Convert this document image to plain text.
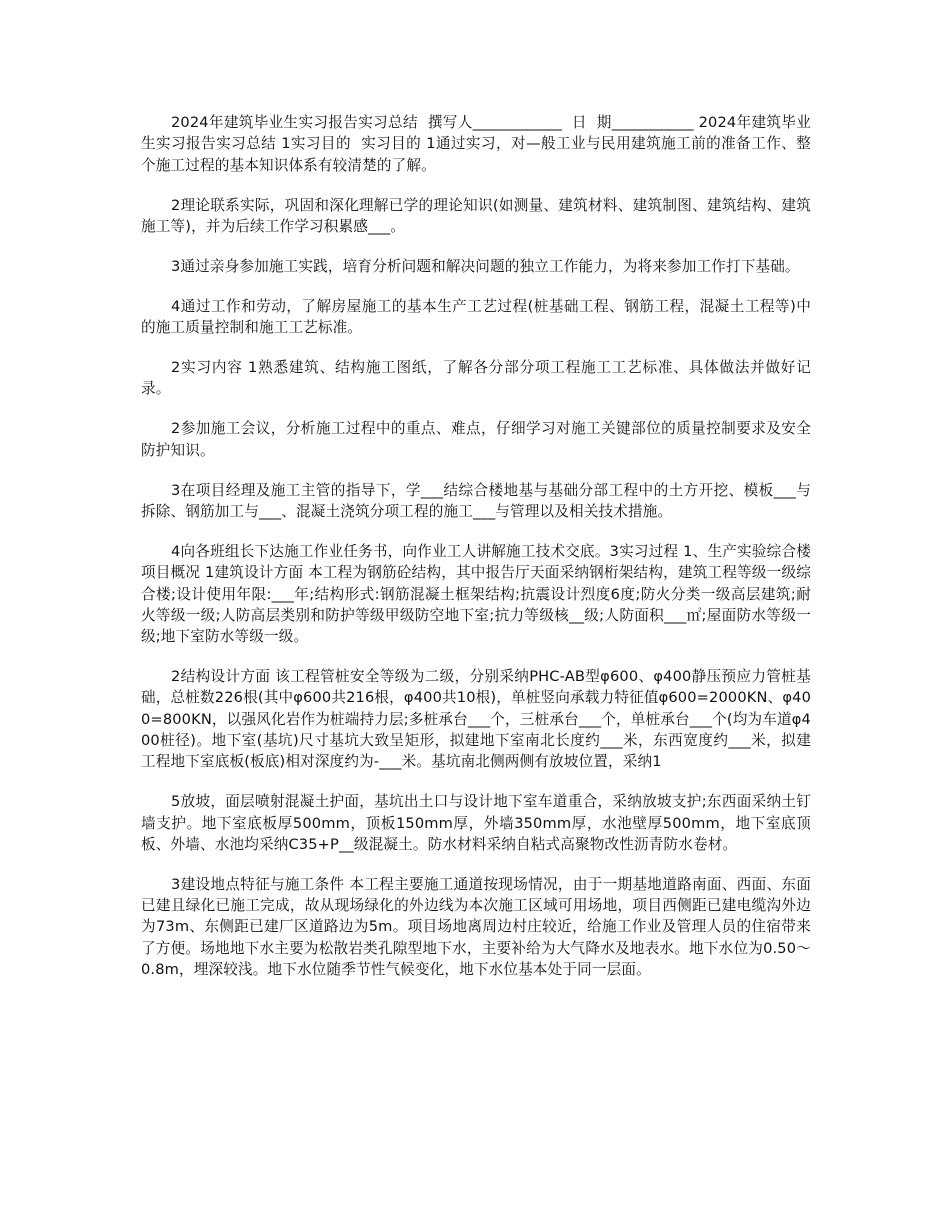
2024年建筑毕业生实习报告实习总结  撰写人____________  日  期___________ 2024年建筑毕业生实习报告实习总结 1实习目的  实习目的 1通过实习，对—般工业与民用建筑施工前的准备工作、整个施工过程的基本知识体系有较清楚的了解。

2理论联系实际，巩固和深化理解已学的理论知识(如测量、建筑材料、建筑制图、建筑结构、建筑施工等)，并为后续工作学习积累感___。

3通过亲身参加施工实践，培育分析问题和解决问题的独立工作能力，为将来参加工作打下基础。

4通过工作和劳动，了解房屋施工的基本生产工艺过程(桩基础工程、钢筋工程，混凝土工程等)中的施工质量控制和施工工艺标准。

2实习内容 1熟悉建筑、结构施工图纸，了解各分部分项工程施工工艺标准、具体做法并做好记录。

2参加施工会议，分析施工过程中的重点、难点，仔细学习对施工关键部位的质量控制要求及安全防护知识。

3在项目经理及施工主管的指导下，学___结综合楼地基与基础分部工程中的土方开挖、模板___与拆除、钢筋加工与___、混凝土浇筑分项工程的施工___与管理以及相关技术措施。

4向各班组长下达施工作业任务书，向作业工人讲解施工技术交底。3实习过程 1、生产实验综合楼项目概况 1建筑设计方面 本工程为钢筋砼结构，其中报告厅天面采纳钢桁架结构，建筑工程等级一级综合楼;设计使用年限:___年;结构形式:钢筋混凝土框架结构;抗震设计烈度6度;防火分类一级高层建筑;耐火等级一级;人防高层类别和防护等级甲级防空地下室;抗力等级核__级;人防面积___㎡;屋面防水等级一级;地下室防水等级一级。

2结构设计方面 该工程管桩安全等级为二级，分别采纳PHC-AB型φ600、φ400静压预应力管桩基础，总桩数226根(其中φ600共216根，φ400共10根)，单桩竖向承载力特征值φ600=2000KN、φ400=800KN，以强风化岩作为桩端持力层;多桩承台___个，三桩承台___个，单桩承台___个(均为车道φ400桩径)。地下室(基坑)尺寸基坑大致呈矩形，拟建地下室南北长度约___米，东西宽度约___米，拟建工程地下室底板(板底)相对深度约为-___米。基坑南北侧两侧有放坡位置，采纳1

5放坡，面层喷射混凝土护面，基坑出土口与设计地下室车道重合，采纳放坡支护;东西面采纳土钉墙支护。地下室底板厚500mm，顶板150mm厚，外墙350mm厚，水池壁厚500mm，地下室底顶板、外墙、水池均采纳C35+P__级混凝土。防水材料采纳自粘式高聚物改性沥青防水卷材。

3建设地点特征与施工条件 本工程主要施工通道按现场情况，由于一期基地道路南面、西面、东面已建且绿化已施工完成，故从现场绿化的外边线为本次施工区域可用场地，项目西侧距已建电缆沟外边为73m、东侧距已建厂区道路边为5m。项目场地离周边村庄较近，给施工作业及管理人员的住宿带来了方便。场地地下水主要为松散岩类孔隙型地下水，主要补给为大气降水及地表水。地下水位为0.50～0.8m，埋深较浅。地下水位随季节性气候变化，地下水位基本处于同一层面。
